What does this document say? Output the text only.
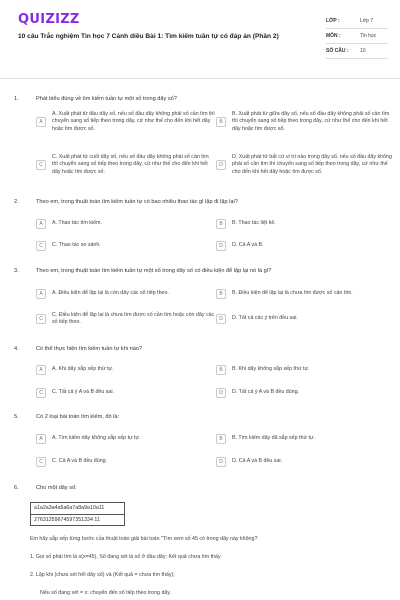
QUIZIZZ
10 câu Trắc nghiệm Tin học 7 Cánh diều Bài 1: Tìm kiếm tuần tự có đáp án (Phần 2)
LỚP :	Lớp 7
MÔN :	Tin học
SỐ CÂU :	10
1.	Phát biểu đúng về tìm kiếm tuần tự một số trong dãy số?
A
A. Xuất phát từ đầu dãy số, nếu số đầu dãy không phải số cần tìm thì chuyển sang số tiếp theo trong dãy, cứ như thế cho đến khi hết dãy hoặc tìm được số.
B
B. Xuất phát từ giữa dãy số, nếu số đầu dãy không phải số cần tìm thì chuyển sang số tiếp theo trong dãy, cứ như thế cho đến khi hết dãy hoặc tìm được số.
C
C. Xuất phát từ cuối dãy số, nếu số đầu dãy không phải số cần tìm thì chuyển sang số tiếp theo trong dãy, cứ như thế cho đến khi hết dãy hoặc tìm được số.
D
D. Xuất phát từ bất cứ vị trí nào trong dãy số, nếu số đầu dãy không phải số cần tìm thì chuyển sang số tiếp theo trong dãy, cứ như thế cho đến khi hết dãy hoặc tìm được số.
2.	Theo em, trong thuật toán tìm kiếm tuần tự có bao nhiêu thao tác gì lặp đi lặp lại?
A	A. Thao tác tìm kiếm.	B	B. Thao tác liệt kê.
C	C. Thao tác so sánh.	D	D. Cả A và B.
3.	Theo em, trong thuật toán tìm kiếm tuần tự một số trong dãy số có điều kiện để lặp lại nó là gì?
A	A. Điều kiện để lặp lại là còn dãy các số tiếp theo.	B	B. Điều kiện để lặp lại là chưa tìm được số cần tìm.
C
C. Điều kiện để lặp lại là chưa tìm được số cần tìm hoặc còn dãy các số tiếp theo.
D	D. Tất cả các ý trên đều sai.
4.	Có thể thực hiện tìm kiếm tuần tự khi nào?
A	A. Khi dãy sắp xếp thứ tự.	B	B. Khi dãy không sắp xếp thứ tự.
C	C. Tất cả ý A và B đều sai.	D	D. Tất cả ý A và B đều đúng.
5.	Có 2 loại bài toán tìm kiếm, đó là:
A	A. Tìm kiếm dãy không sắp xếp tự tự.	B	B. Tìm kiếm dãy đã sắp xếp thứ tự.
C	C. Cả A và B đều đúng.	D	D. Cả A và B đều sai.
6.	Cho một dãy số:
a1a2a3a4a5a6a7a8a9a10a11
27631259674597351334 11
Em hãy sắp xếp từng bước của thuật toán giải bài toán "Tìm xem số 45 có trong dãy này không?
1. Gọi số phải tìm là x(x=45), Số đang xét là số ở đầu dãy; Kết quả chưa tìm thấy
2. Lặp khi (chưa xét hết dãy số) và (Kết quả = chưa tìm thấy);
Nếu số đang xét = x: chuyển đến số tiếp theo trong dãy.
